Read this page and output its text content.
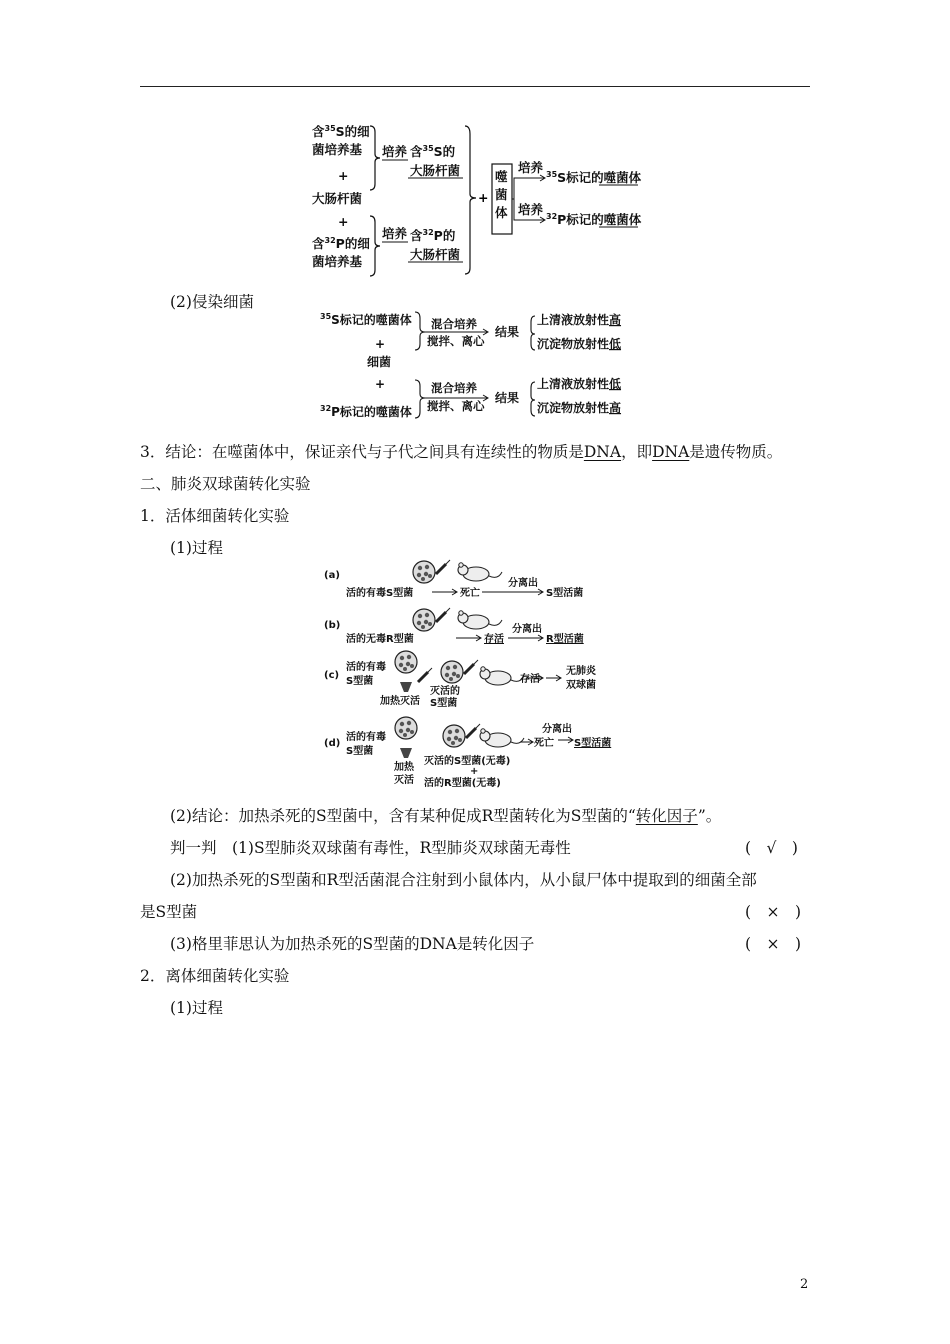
含$^{35}$S的细
菌培养基
+
大肠杆菌
+
含$^{32}$P的细
菌培养基
培养 含$^{35}$S的
大肠杆菌
培养 含$^{32}$P的
大肠杆菌
+
噬
菌
体
培养 $^{35}$S标记的噬菌体
培养 $^{32}$P标记的噬菌体
(2)侵染细菌
$^{35}$S标记的噬菌体
+
细菌
+
$^{32}$P标记的噬菌体
混合培养
搅拌、离心
混合培养
搅拌、离心
结果
结果
上清液放射性高
沉淀物放射性低
上清液放射性低
沉淀物放射性高
3．结论：在噬菌体中，保证亲代与子代之间具有连续性的物质是DNA，即DNA是遗传物质。
二、肺炎双球菌转化实验
1．活体细菌转化实验
(1)过程
(a)
活的有毒S型菌	死亡
分离出
S型活菌
(b)
活的无毒R型菌	存活
分离出
R型活菌
(c)
活的有毒
S型菌
加热灭活
灭活的
S型菌
存活
无肺炎
双球菌
(d)
活的有毒
S型菌
加热
灭活
灭活的S型菌(无毒)
+
活的R型菌(无毒)
死亡
分离出
S型活菌
(2)结论：加热杀死的S型菌中，含有某种促成R型菌转化为S型菌的“转化因子”。
判一判　(1)S型肺炎双球菌有毒性，R型肺炎双球菌无毒性	(　√　)
(2)加热杀死的S型菌和R型活菌混合注射到小鼠体内，从小鼠尸体中提取到的细菌全部
是S型菌	(　×　)
(3)格里菲思认为加热杀死的S型菌的DNA是转化因子	(　×　)
2．离体细菌转化实验
(1)过程
2
